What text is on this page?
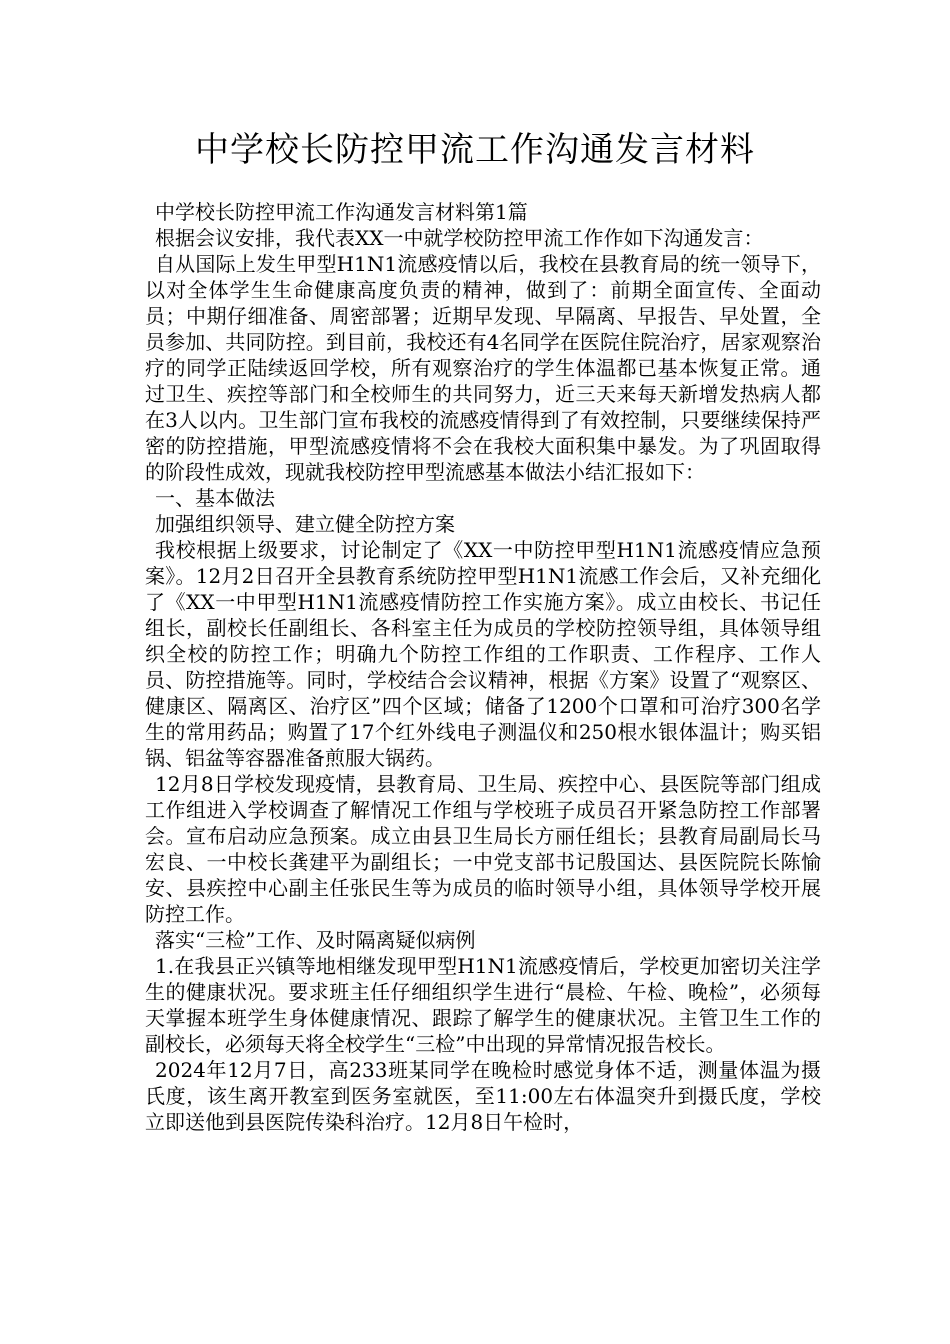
中学校长防控甲流工作沟通发言材料

中学校长防控甲流工作沟通发言材料第1篇

根据会议安排，我代表XX一中就学校防控甲流工作作如下沟通发言：

自从国际上发生甲型H1N1流感疫情以后，我校在县教育局的统一领导下，以对全体学生生命健康高度负责的精神，做到了：前期全面宣传、全面动员；中期仔细准备、周密部署；近期早发现、早隔离、早报告、早处置，全员参加、共同防控。到目前，我校还有4名同学在医院住院治疗，居家观察治疗的同学正陆续返回学校，所有观察治疗的学生体温都已基本恢复正常。通过卫生、疾控等部门和全校师生的共同努力，近三天来每天新增发热病人都在3人以内。卫生部门宣布我校的流感疫情得到了有效控制，只要继续保持严密的防控措施，甲型流感疫情将不会在我校大面积集中暴发。为了巩固取得的阶段性成效，现就我校防控甲型流感基本做法小结汇报如下：

一、基本做法

加强组织领导、建立健全防控方案

我校根据上级要求，讨论制定了《XX一中防控甲型H1N1流感疫情应急预案》。12月2日召开全县教育系统防控甲型H1N1流感工作会后，又补充细化了《XX一中甲型H1N1流感疫情防控工作实施方案》。成立由校长、书记任组长，副校长任副组长、各科室主任为成员的学校防控领导组，具体领导组织全校的防控工作；明确九个防控工作组的工作职责、工作程序、工作人员、防控措施等。同时，学校结合会议精神，根据《方案》设置了“观察区、健康区、隔离区、治疗区”四个区域；储备了1200个口罩和可治疗300名学生的常用药品；购置了17个红外线电子测温仪和250根水银体温计；购买铝锅、铝盆等容器准备煎服大锅药。

12月8日学校发现疫情，县教育局、卫生局、疾控中心、县医院等部门组成工作组进入学校调查了解情况工作组与学校班子成员召开紧急防控工作部署会。宣布启动应急预案。成立由县卫生局长方丽任组长；县教育局副局长马宏良、一中校长龚建平为副组长；一中党支部书记殷国达、县医院院长陈愉安、县疾控中心副主任张民生等为成员的临时领导小组，具体领导学校开展防控工作。

落实“三检”工作、及时隔离疑似病例

1.在我县正兴镇等地相继发现甲型H1N1流感疫情后，学校更加密切关注学生的健康状况。要求班主任仔细组织学生进行“晨检、午检、晚检”，必须每天掌握本班学生身体健康情况、跟踪了解学生的健康状况。主管卫生工作的副校长，必须每天将全校学生“三检”中出现的异常情况报告校长。

2024年12月7日，高233班某同学在晚检时感觉身体不适，测量体温为摄氏度，该生离开教室到医务室就医，至11:00左右体温突升到摄氏度，学校立即送他到县医院传染科治疗。12月8日午检时，
